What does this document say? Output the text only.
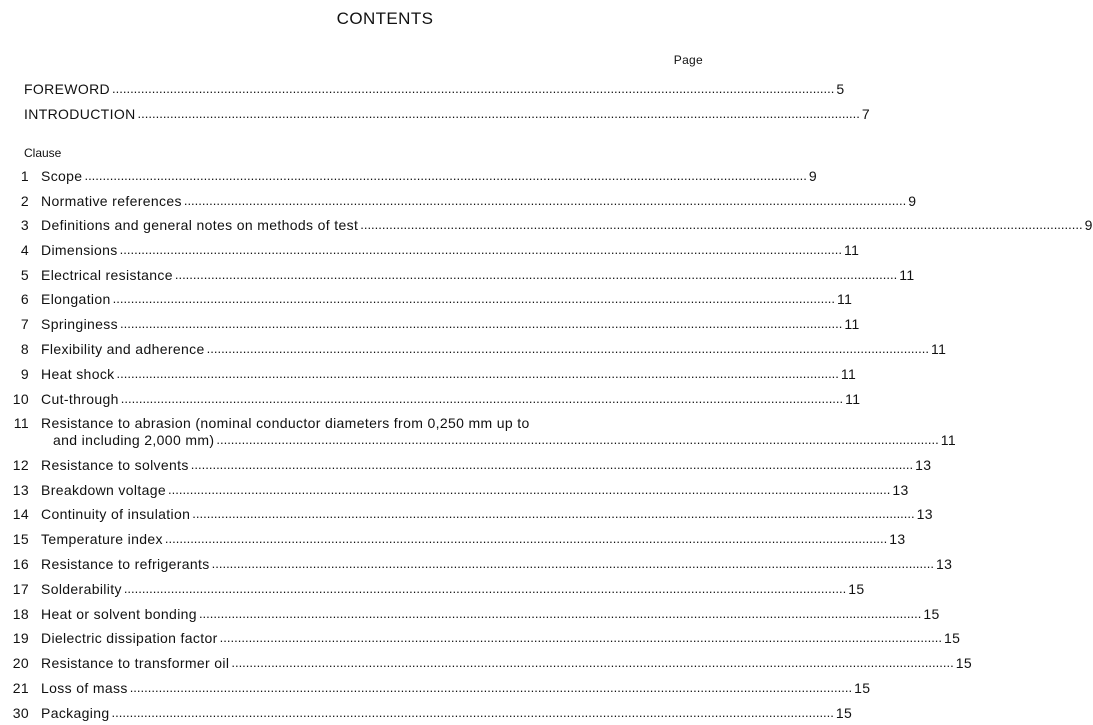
CONTENTS
Page
FOREWORD ........................................................................................................................................................................................................ 5
INTRODUCTION ........................................................................................................................................................................................................ 7
Clause
1 Scope ........................................................................................................................................................................................................ 9
2 Normative references ........................................................................................................................................................................................................ 9
3 Definitions and general notes on methods of test ........................................................................................................................................................................................................ 9
4 Dimensions ........................................................................................................................................................................................................ 11
5 Electrical resistance ........................................................................................................................................................................................................ 11
6 Elongation ........................................................................................................................................................................................................ 11
7 Springiness ........................................................................................................................................................................................................ 11
8 Flexibility and adherence ........................................................................................................................................................................................................ 11
9 Heat shock ........................................................................................................................................................................................................ 11
10 Cut-through ........................................................................................................................................................................................................ 11
11 Resistance to abrasion (nominal conductor diameters from 0,250 mm up to
and including 2,000 mm) ........................................................................................................................................................................................................ 11
12 Resistance to solvents ........................................................................................................................................................................................................ 13
13 Breakdown voltage ........................................................................................................................................................................................................ 13
14 Continuity of insulation ........................................................................................................................................................................................................ 13
15 Temperature index ........................................................................................................................................................................................................ 13
16 Resistance to refrigerants ........................................................................................................................................................................................................ 13
17 Solderability ........................................................................................................................................................................................................ 15
18 Heat or solvent bonding ........................................................................................................................................................................................................ 15
19 Dielectric dissipation factor ........................................................................................................................................................................................................ 15
20 Resistance to transformer oil ........................................................................................................................................................................................................ 15
21 Loss of mass ........................................................................................................................................................................................................ 15
30 Packaging ........................................................................................................................................................................................................ 15
